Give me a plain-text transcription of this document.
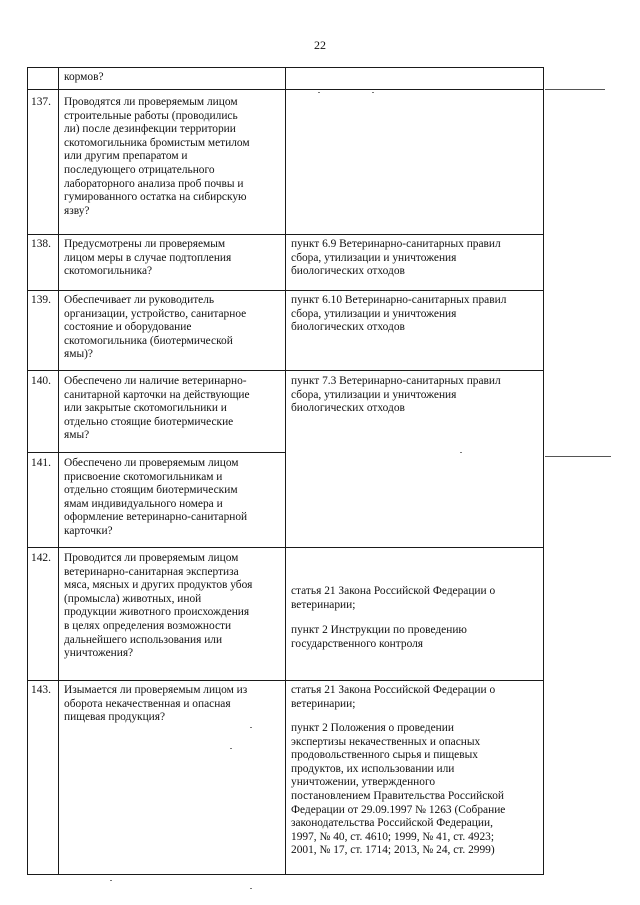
22
кормов?
137. Проводятся ли проверяемым лицом
строительные работы (проводились
ли) после дезинфекции территории
скотомогильника бромистым метилом
или другим препаратом и
последующего отрицательного
лабораторного анализа проб почвы и
гумированного остатка на сибирскую
язву?
138. Предусмотрены ли проверяемым
лицом меры в случае подтопления
скотомогильника?
пункт 6.9 Ветеринарно-санитарных правил
сбора, утилизации и уничтожения
биологических отходов
139. Обеспечивает ли руководитель
организации, устройство, санитарное
состояние и оборудование
скотомогильника (биотермической
ямы)?
пункт 6.10 Ветеринарно-санитарных правил
сбора, утилизации и уничтожения
биологических отходов
140. Обеспечено ли наличие ветеринарно-
санитарной карточки на действующие
или закрытые скотомогильники и
отдельно стоящие биотермические
ямы?
пункт 7.3 Ветеринарно-санитарных правил
сбора, утилизации и уничтожения
биологических отходов
141. Обеспечено ли проверяемым лицом
присвоение скотомогильникам и
отдельно стоящим биотермическим
ямам индивидуального номера и
оформление ветеринарно-санитарной
карточки?
142. Проводится ли проверяемым лицом
ветеринарно-санитарная экспертиза
мяса, мясных и других продуктов убоя
(промысла) животных, иной
продукции животного происхождения
в целях определения возможности
дальнейшего использования или
уничтожения?
статья 21 Закона Российской Федерации о
ветеринарии;
пункт 2 Инструкции по проведению
государственного контроля
143. Изымается ли проверяемым лицом из
оборота некачественная и опасная
пищевая продукция?
статья 21 Закона Российской Федерации о
ветеринарии;
пункт 2 Положения о проведении
экспертизы некачественных и опасных
продовольственного сырья и пищевых
продуктов, их использовании или
уничтожении, утвержденного
постановлением Правительства Российской
Федерации от 29.09.1997 № 1263 (Собрание
законодательства Российской Федерации,
1997, № 40, ст. 4610; 1999, № 41, ст. 4923;
2001, № 17, ст. 1714; 2013, № 24, ст. 2999)
